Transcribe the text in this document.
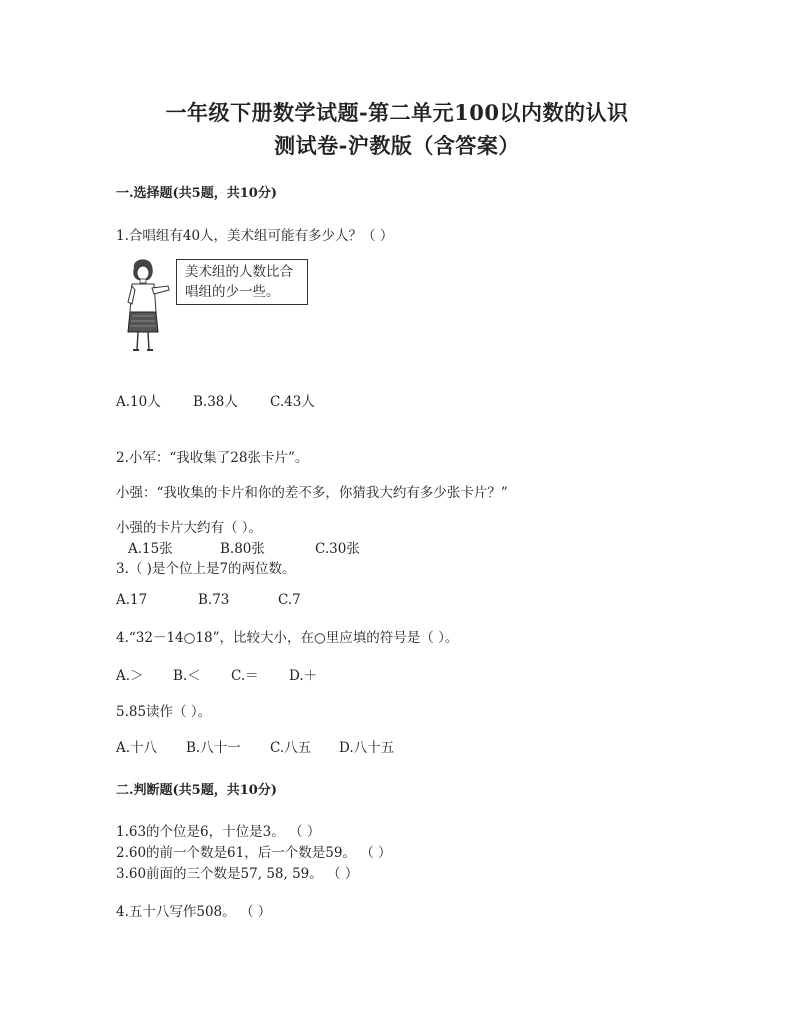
一年级下册数学试题-第二单元100以内数的认识
测试卷-沪教版（含答案）
一.选择题(共5题，共10分)
1.合唱组有40人，美术组可能有多少人？（ ）
美术组的人数比合
唱组的少一些。
A.10人 B.38人 C.43人
2.小军：“我收集了28张卡片”。
小强：“我收集的卡片和你的差不多，你猜我大约有多少张卡片？”
小强的卡片大约有（ ）。
A.15张	B.80张	C.30张
3.（ )是个位上是7的两位数。
A.17	B.73	C.7
4.“32－14○18”，比较大小，在○里应填的符号是（ ）。
A.＞ B.＜ C.＝ D.＋
5.85读作（ ）。
A.十八 B.八十一 C.八五 D.八十五
二.判断题(共5题，共10分)
1.63的个位是6，十位是3。 （ ）
2.60的前一个数是61，后一个数是59。 （ ）
3.60前面的三个数是57, 58, 59。 （ ）
4.五十八写作508。 （ ）
